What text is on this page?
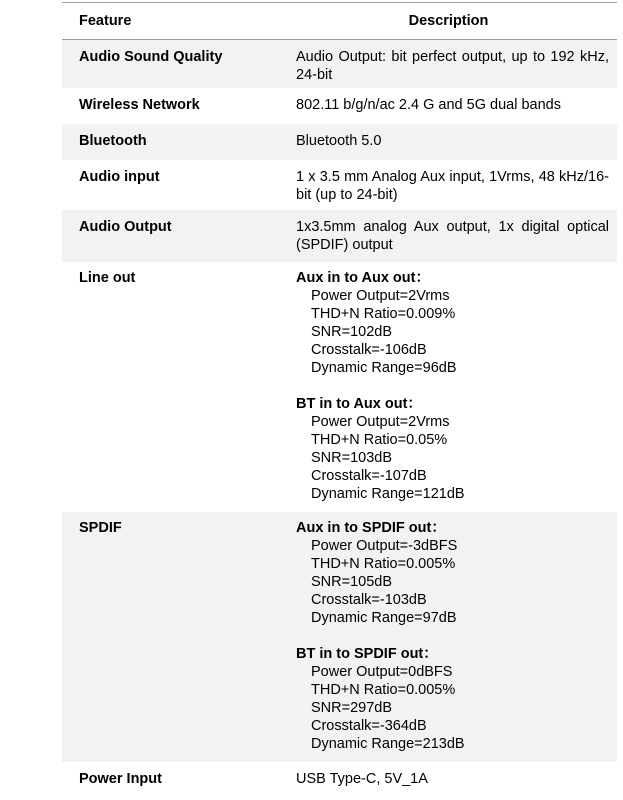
Feature	Description
Audio Sound Quality	Audio Output: bit perfect output, up to 192 kHz, 24-bit
Wireless Network	802.11 b/g/n/ac 2.4 G and 5G dual bands
Bluetooth	Bluetooth 5.0
Audio input	1 x 3.5 mm Analog Aux input, 1Vrms, 48 kHz/16-bit (up to 24-bit)
Audio Output	1x3.5mm analog Aux output, 1x digital optical (SPDIF) output
Line out	Aux in to Aux out：
Power Output=2Vrms
THD+N Ratio=0.009%
SNR=102dB
Crosstalk=-106dB
Dynamic Range=96dB
BT in to Aux out：
Power Output=2Vrms
THD+N Ratio=0.05%
SNR=103dB
Crosstalk=-107dB
Dynamic Range=121dB
SPDIF	Aux in to SPDIF out：
Power Output=-3dBFS
THD+N Ratio=0.005%
SNR=105dB
Crosstalk=-103dB
Dynamic Range=97dB
BT in to SPDIF out：
Power Output=0dBFS
THD+N Ratio=0.005%
SNR=297dB
Crosstalk=-364dB
Dynamic Range=213dB
Power Input	USB Type-C, 5V_1A
